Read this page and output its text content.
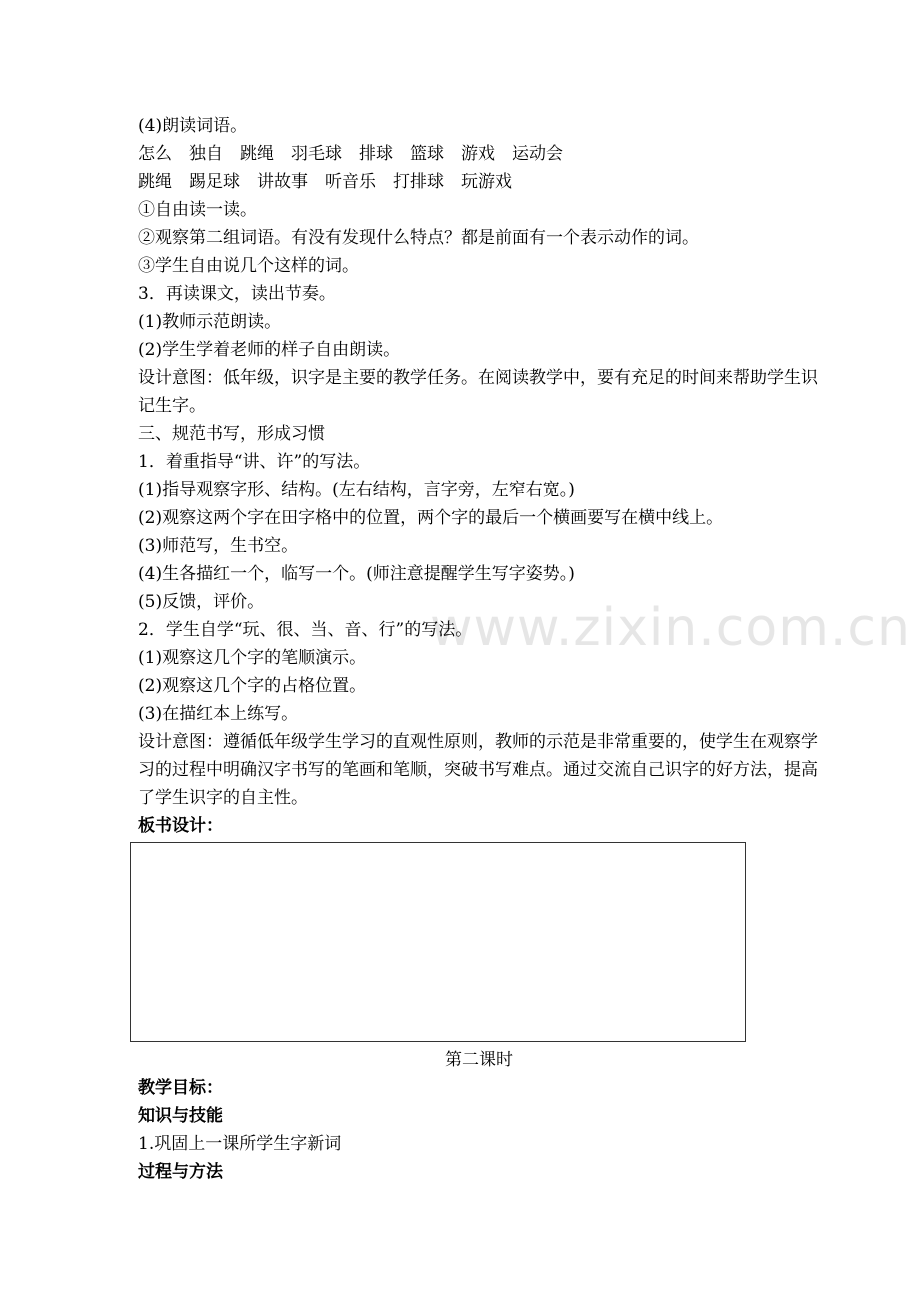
www.zixin.com.cn

(4)朗读词语。

怎么　独自　跳绳　羽毛球　排球　篮球　游戏　运动会

跳绳　踢足球　讲故事　听音乐　打排球　玩游戏

①自由读一读。

②观察第二组词语。有没有发现什么特点？都是前面有一个表示动作的词。

③学生自由说几个这样的词。

3．再读课文，读出节奏。

(1)教师示范朗读。

(2)学生学着老师的样子自由朗读。

设计意图：低年级，识字是主要的教学任务。在阅读教学中，要有充足的时间来帮助学生识记生字。

三、规范书写，形成习惯

1．着重指导“讲、许”的写法。

(1)指导观察字形、结构。(左右结构，言字旁，左窄右宽。)

(2)观察这两个字在田字格中的位置，两个字的最后一个横画要写在横中线上。

(3)师范写，生书空。

(4)生各描红一个，临写一个。(师注意提醒学生写字姿势。)

(5)反馈，评价。

2．学生自学“玩、很、当、音、行”的写法。

(1)观察这几个字的笔顺演示。

(2)观察这几个字的占格位置。

(3)在描红本上练写。

设计意图：遵循低年级学生学习的直观性原则，教师的示范是非常重要的，使学生在观察学习的过程中明确汉字书写的笔画和笔顺，突破书写难点。通过交流自己识字的好方法，提高了学生识字的自主性。

板书设计：

第二课时

教学目标：

知识与技能

1.巩固上一课所学生字新词

过程与方法
